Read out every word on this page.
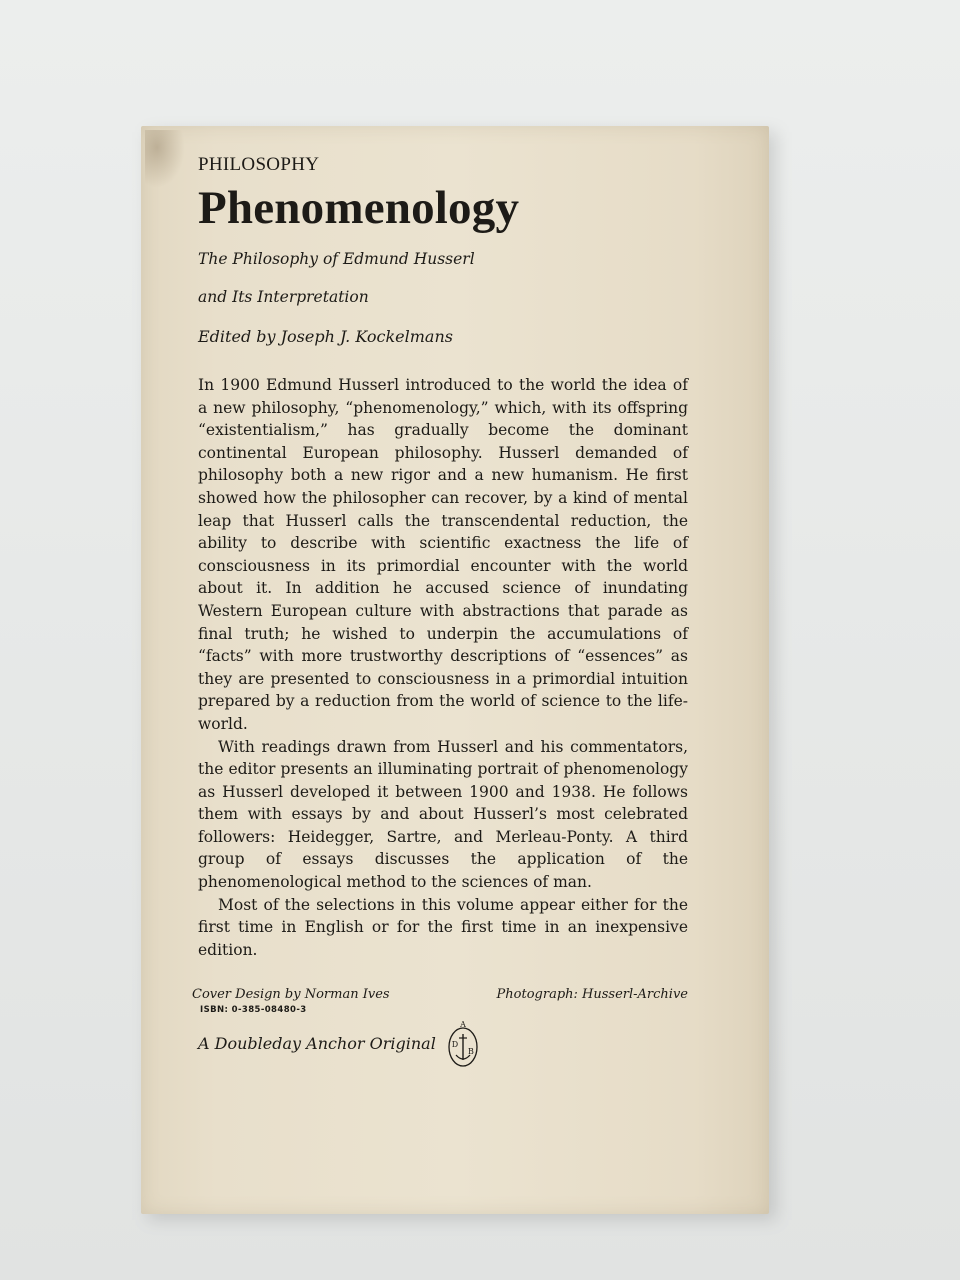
PHILOSOPHY

Phenomenology

The Philosophy of Edmund Husserl

and Its Interpretation

Edited by Joseph J. Kockelmans

In 1900 Edmund Husserl introduced to the world the idea of a new philosophy, “phenomenology,” which, with its offspring “existentialism,” has gradually become the dominant continental European philosophy. Husserl demanded of philosophy both a new rigor and a new humanism. He first showed how the philosopher can recover, by a kind of mental leap that Husserl calls the transcendental reduction, the ability to describe with scientific exactness the life of consciousness in its primordial encounter with the world about it. In addition he accused science of inundating Western European culture with abstractions that parade as final truth; he wished to underpin the accumulations of “facts” with more trustworthy descriptions of “essences” as they are presented to consciousness in a primordial intuition prepared by a reduction from the world of science to the life-world.

With readings drawn from Husserl and his commentators, the editor presents an illuminating portrait of phenomenology as Husserl developed it between 1900 and 1938. He follows them with essays by and about Husserl’s most celebrated followers: Heidegger, Sartre, and Merleau-Ponty. A third group of essays discusses the application of the phenomenological method to the sciences of man.

Most of the selections in this volume appear either for the first time in English or for the first time in an inexpensive edition.

Cover Design by Norman Ives	Photograph: Husserl-Archive
ISBN: 0-385-08480-3
A Doubleday Anchor Original
A
D
B
